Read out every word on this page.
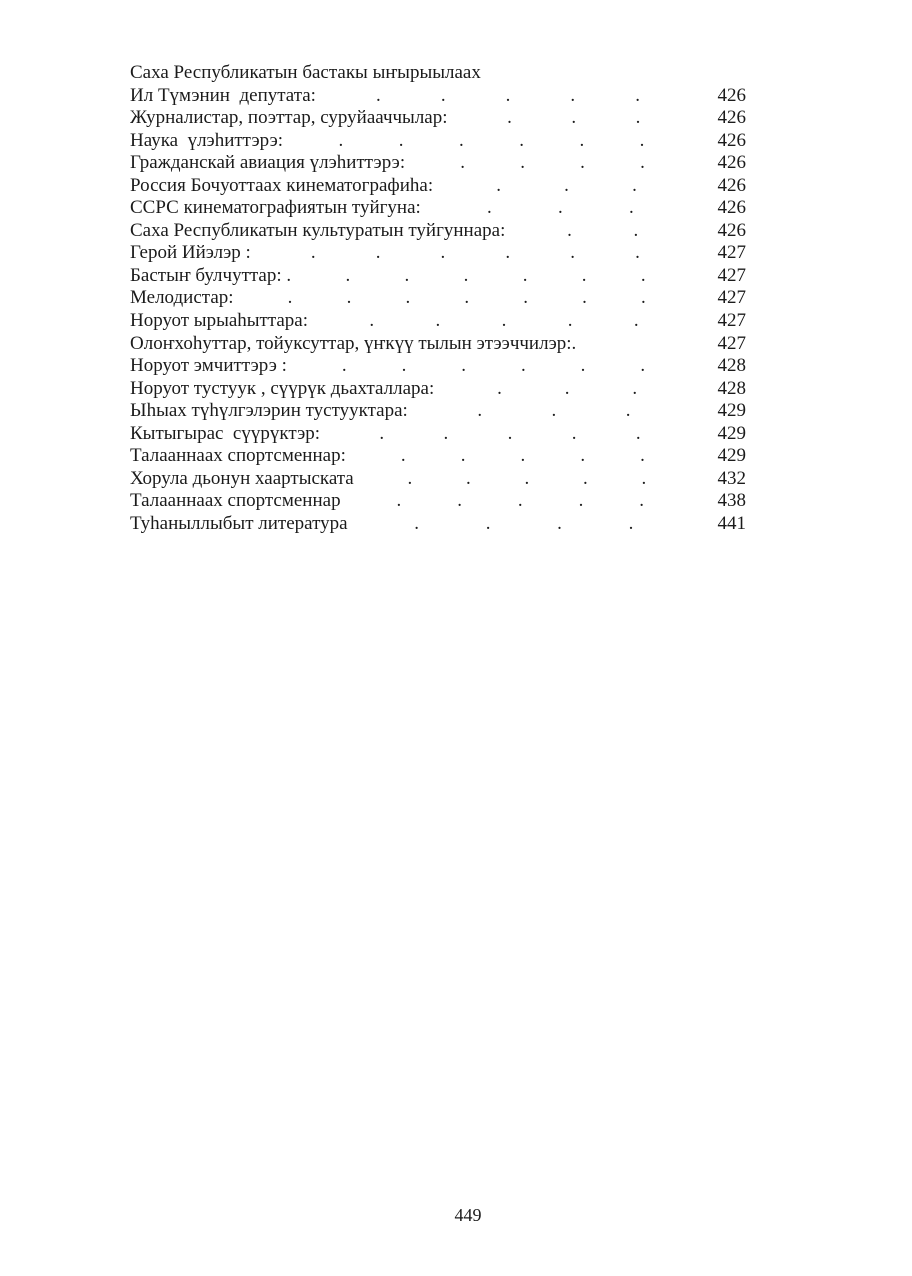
Саха Республикатын бастакы ыҥырыылаах
Ил Түмэнин  депутата:	.	.	.	.	.	426
Журналистар, поэттар, суруйааччылар:	.	.	.	426
Наука  үлэһиттэрэ:	.	.	.	.	.	.	426
Гражданскай авиация үлэһиттэрэ:	.	.	.	.	426
Россия Бочуоттаах кинематографиһа:	.	.	.	426
ССРС кинематографиятын туйгуна:	.	.	.	426
Саха Республикатын культуратын туйгуннара:	.	.	426
Герой Ийэлэр :	.	.	.	.	.	.	427
Бастыҥ булчуттар: .	.	.	.	.	.	.	427
Мелодистар:	.	.	.	.	.	.	.	427
Норуот ырыаһыттара:	.	.	.	.	.	427
Олоҥхоһуттар, тойуксуттар, үҥкүү тылын этээччилэр:.	427
Норуот эмчиттэрэ :	.	.	.	.	.	.	428
Норуот тустуук , сүүрүк дьахталлара:	.	.	.	428
Ыһыах түһүлгэлэрин тустууктара:	.	.	.	429
Кытыгырас  сүүрүктэр:	.	.	.	.	.	429
Талааннаах спортсменнар:	.	.	.	.	.	429
Хорула дьонун хаартыската	.	.	.	.	.	432
Талааннаах спортсменнар	.	.	.	.	.	438
Туһаныллыбыт литература	.	.	.	.	441
449
